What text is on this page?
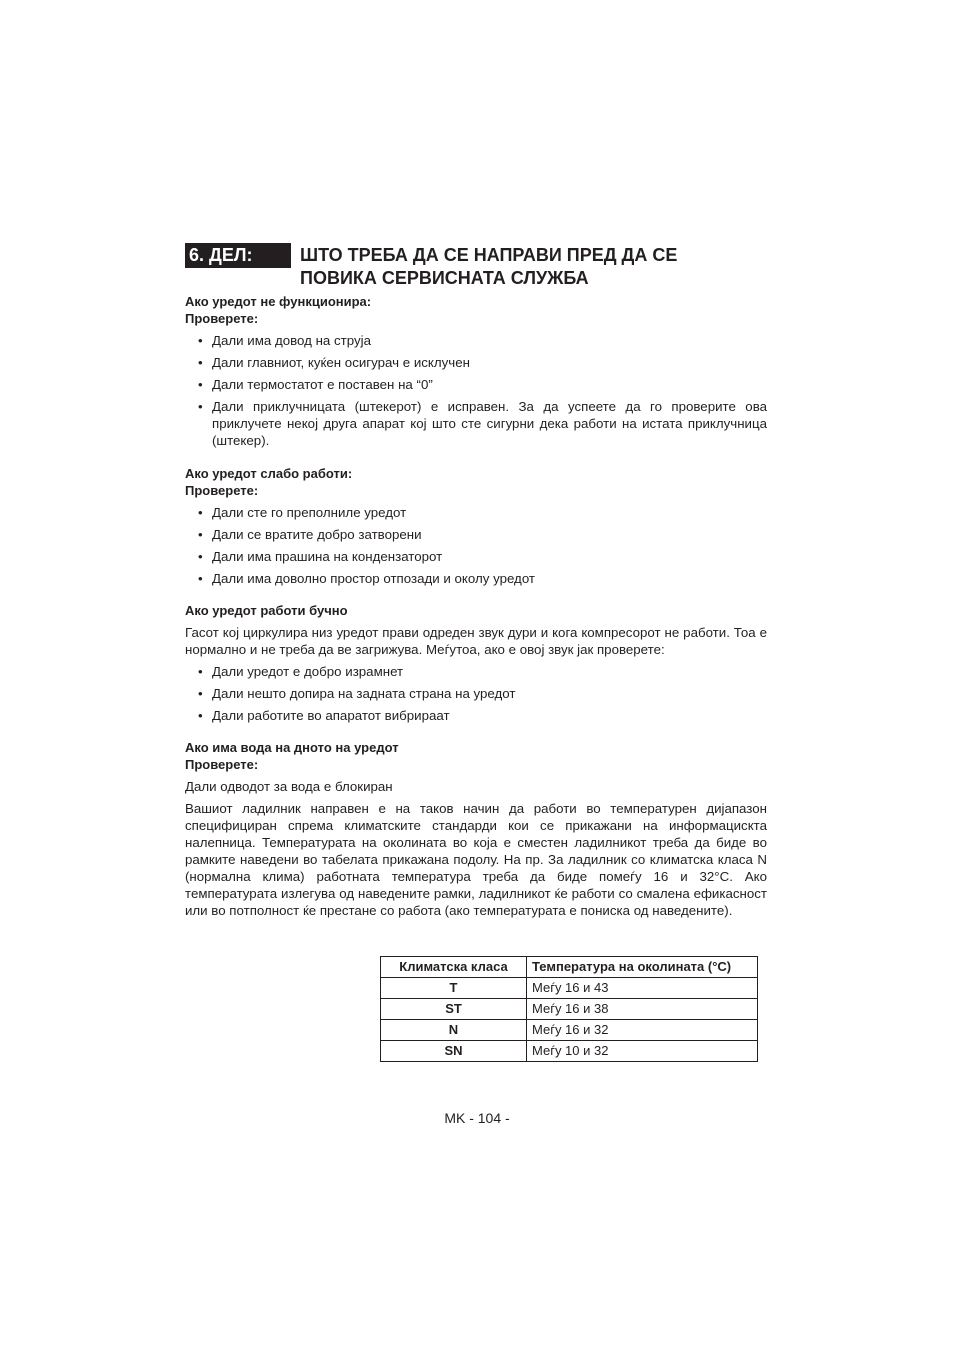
6. ДЕЛ:	ШТО ТРЕБА ДА СЕ НАПРАВИ ПРЕД ДА СЕ
ПОВИКА СЕРВИСНАТА СЛУЖБА

Ако уредот не функционира:

Проверете:

• Дали има довод на струја
• Дали главниот, куќен осигурач е исклучен
• Дали термостатот е поставен на “0”
• Дали приклучницата (штекерот) е исправен. За да успеете да го проверите ова приклучете некој друга апарат кој што сте сигурни дека работи на истата приклучница (штекер).

Ако уредот слабо работи:

Проверете:

• Дали сте го преполниле уредот
• Дали се вратите добро затворени
• Дали има прашина на кондензаторот
• Дали има доволно простор отпозади и околу уредот

Ако уредот работи бучно

Гасот кој циркулира низ уредот прави одреден звук дури и кога компресорот не работи. Тоа е нормално и не треба да ве загрижува. Меѓутоа, ако е овој звук јак проверете:

• Дали уредот е добро израмнет
• Дали нешто допира на задната страна на уредот
• Дали работите во апаратот вибрираат

Ако има вода на дното на уредот

Проверете:

Дали одводот за вода е блокиран

Вашиот ладилник направен е на таков начин да работи во температурен дијапазон специфициран спрема климатските стандарди кои се прикажани на информацискта налепница. Температурата на околината во која е сместен ладилникот треба да биде во рамките наведени во табелата прикажана подолу. На пр. За ладилник со климатска класа N (нормална клима) работната температура треба да биде помеѓу 16 и 32°C. Ако температурата излегува од наведените рамки, ладилникот ќе работи со смалена ефикасност или во потполност ќе престане со работа (ако температурата е пониска од наведените).

Климатска класа	Температура на околината (°C)
T	Меѓу 16 и 43
ST	Меѓу 16 и 38
N	Меѓу 16 и 32
SN	Меѓу 10 и 32
MK - 104 -
